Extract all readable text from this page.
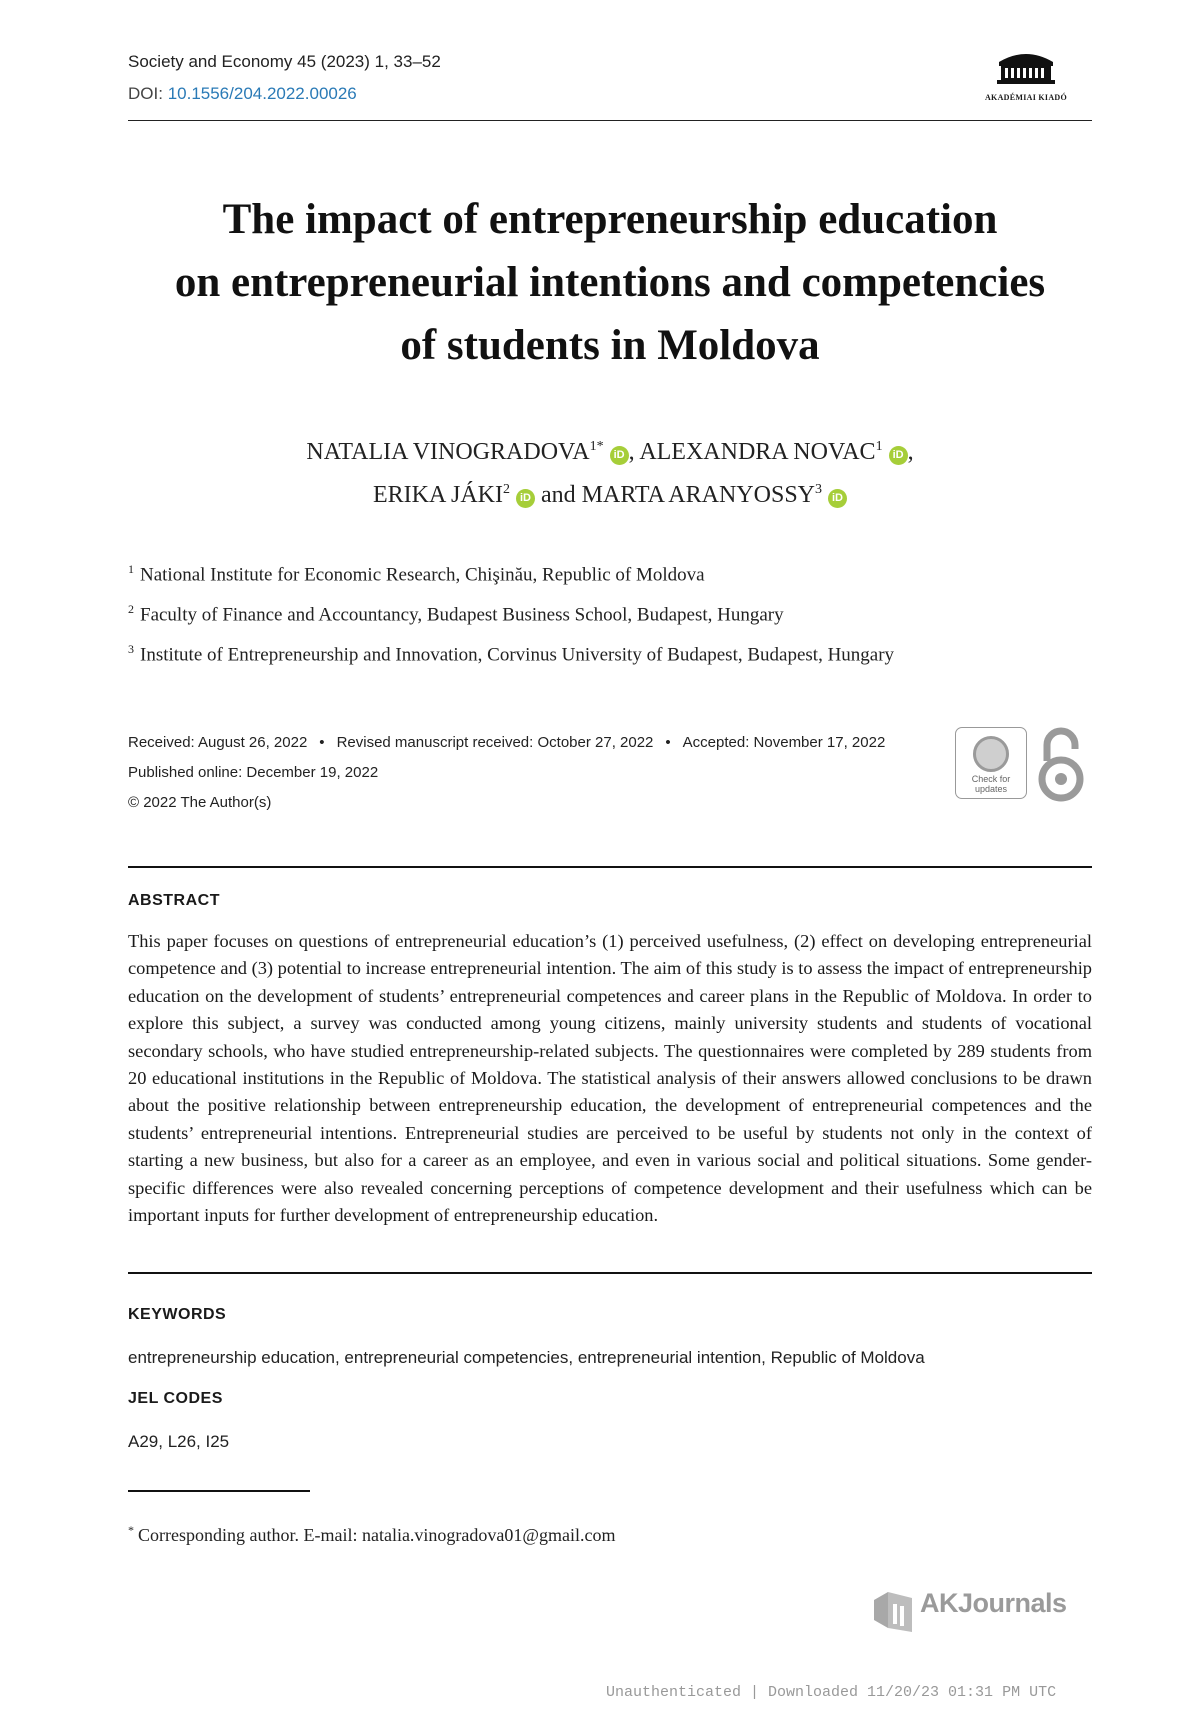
Society and Economy 45 (2023) 1, 33–52
DOI: 10.1556/204.2022.00026	AKADÉMIAI KIADÓ
The impact of entrepreneurship education
on entrepreneurial intentions and competencies
of students in Moldova
NATALIA $VINOGRADOVA^{1*}iD$ , ALEXANDRA NOVAC$^1$iD ,
ERIKA JÁKI$^2$iD and MARTA ARANYOSSY$^3$iD
$^1$ National Institute for Economic Research, Chişinău, Republic of Moldova
$^2$ Faculty of Finance and Accountancy, Budapest Business School, Budapest, Hungary
$^3$ Institute of Entrepreneurship and Innovation, Corvinus University of Budapest, Budapest, Hungary
Received: August 26, 2022 • Revised manuscript received: October 27, 2022 • Accepted: November 17, 2022
Published online: December 19, 2022
© 2022 The Author(s)
Check for updates
ABSTRACT
This paper focuses on questions of entrepreneurial education’s (1) perceived usefulness, (2) effect on developing entrepreneurial competence and (3) potential to increase entrepreneurial intention. The aim of this study is to assess the impact of entrepreneurship education on the development of students’ entrepreneurial competences and career plans in the Republic of Moldova. In order to explore this subject, a survey was conducted among young citizens, mainly university students and students of vocational secondary schools, who have studied entrepreneurship-related subjects. The questionnaires were completed by 289 students from 20 educational institutions in the Republic of Moldova. The statistical analysis of their answers allowed conclusions to be drawn about the positive relationship between entrepreneurship education, the development of entrepreneurial competences and the students’ entrepreneurial intentions. Entrepreneurial studies are perceived to be useful by students not only in the context of starting a new business, but also for a career as an employee, and even in various social and political situations. Some gender-specific differences were also revealed concerning perceptions of competence development and their usefulness which can be important inputs for further development of entrepreneurship education.
KEYWORDS
entrepreneurship education, entrepreneurial competencies, entrepreneurial intention, Republic of Moldova
JEL CODES
A29, L26, I25
* Corresponding author. E-mail: natalia.vinogradova01@gmail.com
AKJournals
Unauthenticated | Downloaded 11/20/23 01:31 PM UTC
